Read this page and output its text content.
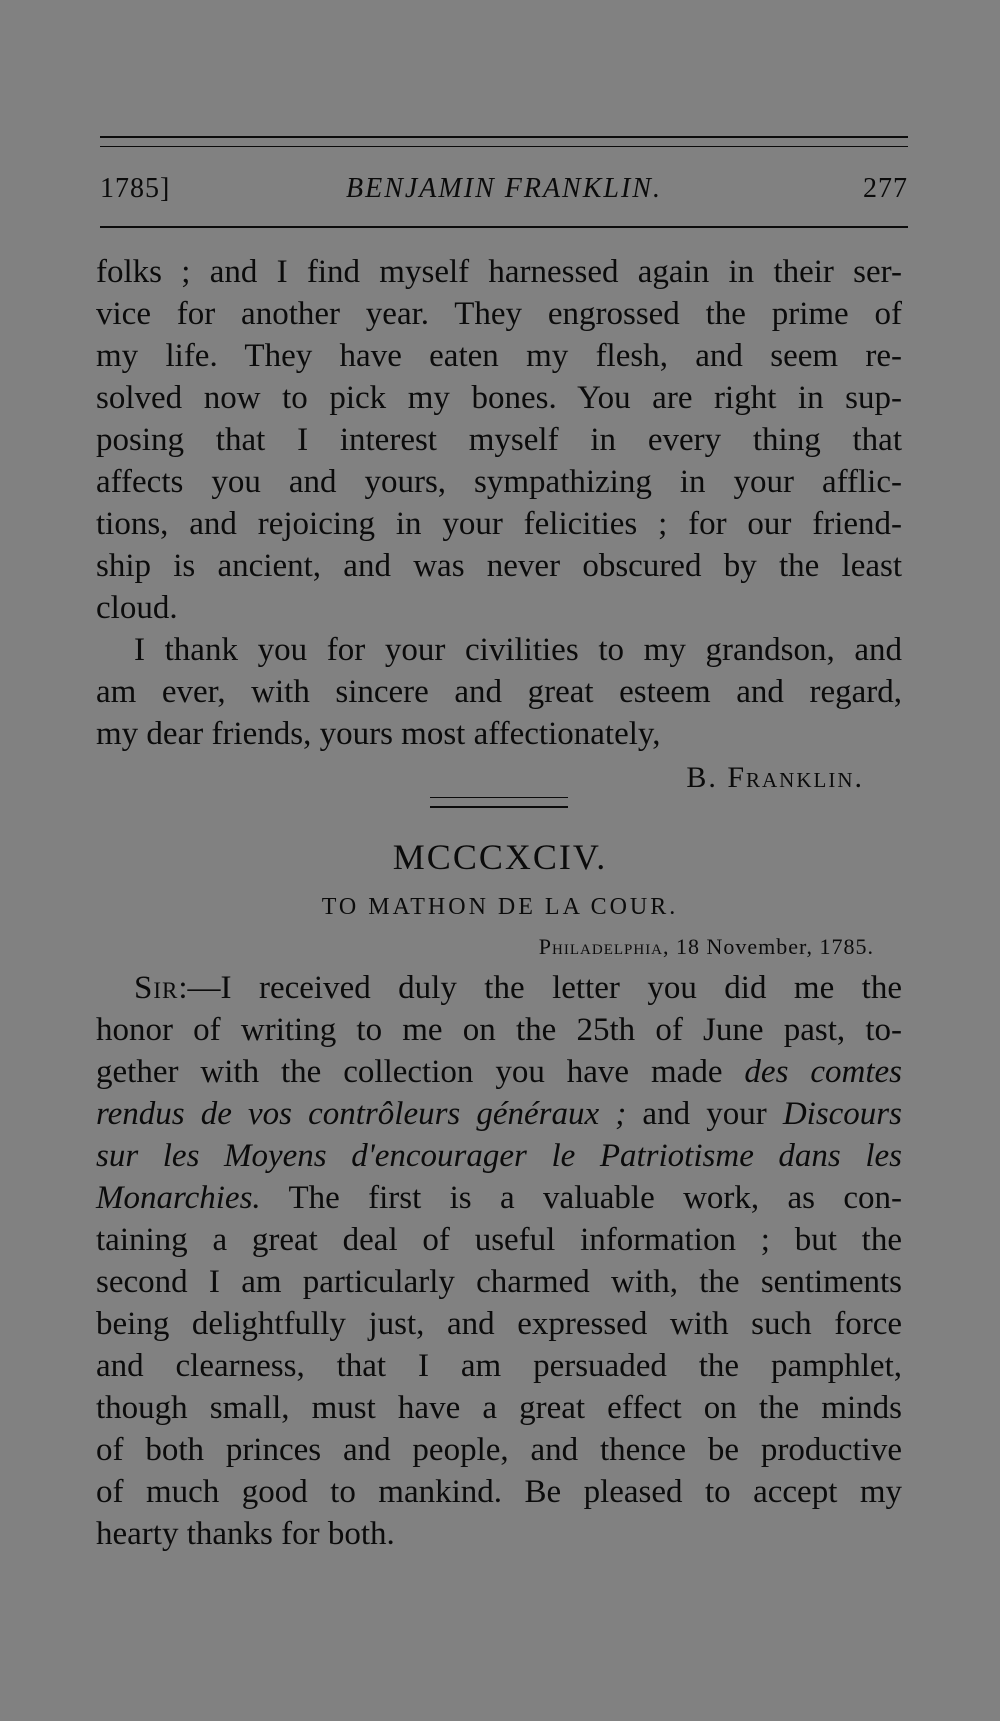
1785]	BENJAMIN FRANKLIN.	277
folks ; and I find myself harnessed again in their ser-
vice for another year. They engrossed the prime of
my life. They have eaten my flesh, and seem re-
solved now to pick my bones. You are right in sup-
posing that I interest myself in every thing that
affects you and yours, sympathizing in your afflic-
tions, and rejoicing in your felicities ; for our friend-
ship is ancient, and was never obscured by the least
cloud.
I thank you for your civilities to my grandson, and
am ever, with sincere and great esteem and regard,
my dear friends, yours most affectionately,
B. Franklin.
MCCCXCIV.
TO MATHON DE LA COUR.
Philadelphia, 18 November, 1785.
Sir:—I received duly the letter you did me the
honor of writing to me on the 25th of June past, to-
gether with the collection you have made des comtes
rendus de vos contrôleurs généraux ; and your Discours
sur les Moyens d'encourager le Patriotisme dans les
Monarchies. The first is a valuable work, as con-
taining a great deal of useful information ; but the
second I am particularly charmed with, the sentiments
being delightfully just, and expressed with such force
and clearness, that I am persuaded the pamphlet,
though small, must have a great effect on the minds
of both princes and people, and thence be productive
of much good to mankind. Be pleased to accept my
hearty thanks for both.
